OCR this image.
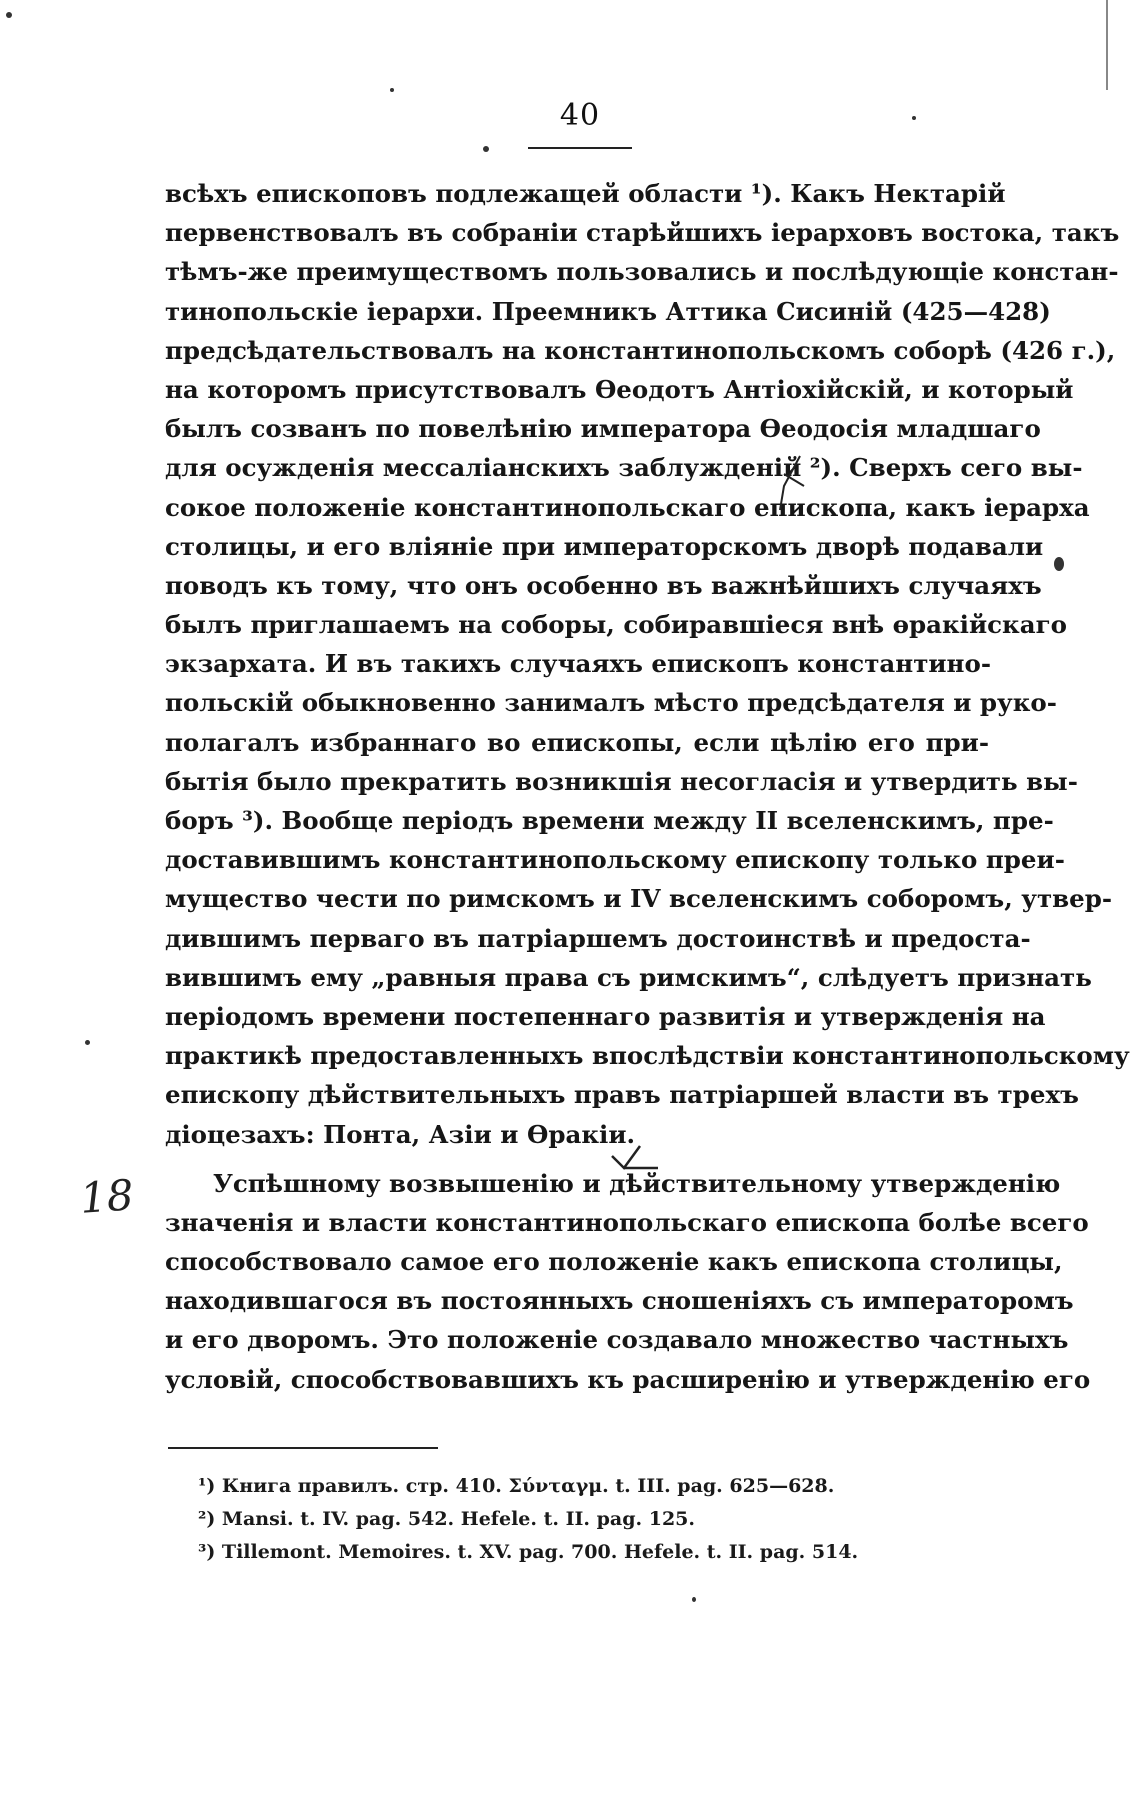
40
всѣхъ епископовъ подлежащей области ¹). Какъ Нектарій
первенствовалъ въ собраніи старѣйшихъ іерарховъ востока, такъ
тѣмъ-же преимуществомъ пользовались и послѣдующіе констан-
тинопольскіе іерархи. Преемникъ Аттика Сисиній (425—428)
предсѣдательствовалъ на константинопольскомъ соборѣ (426 г.),
на которомъ присутствовалъ Өеодотъ Антіохійскій, и который
былъ созванъ по повелѣнію императора Өеодосія младшаго
для осужденія мессаліанскихъ заблужденій ²). Сверхъ сего вы-
сокое положеніе константинопольскаго епископа, какъ іерарха
столицы, и его вліяніе при императорскомъ дворѣ подавали
поводъ къ тому, что онъ особенно въ важнѣйшихъ случаяхъ
былъ приглашаемъ на соборы, собиравшіеся внѣ өракійскаго
экзархата. И въ такихъ случаяхъ епископъ константино-
польскій обыкновенно занималъ мѣсто предсѣдателя и руко-
полагалъ избраннаго во епископы, если цѣлію его при-
бытія было прекратить возникшія несогласія и утвердить вы-
боръ ³). Вообще періодъ времени между II вселенскимъ, пре-
доставившимъ константинопольскому епископу только преи-
мущество чести по римскомъ и IV вселенскимъ соборомъ, утвер-
дившимъ перваго въ патріаршемъ достоинствѣ и предоста-
вившимъ ему „равныя права съ римскимъ“, слѣдуетъ признать
періодомъ времени постепеннаго развитія и утвержденія на
практикѣ предоставленныхъ впослѣдствіи константинопольскому
епископу дѣйствительныхъ правъ патріаршей власти въ трехъ
діоцезахъ: Понта, Азіи и Өракіи.
Успѣшному возвышенію и дѣйствительному утвержденію
значенія и власти константинопольскаго епископа болѣе всего
способствовало самое его положеніе какъ епископа столицы,
находившагося въ постоянныхъ сношеніяхъ съ императоромъ
и его дворомъ. Это положеніе создавало множество частныхъ
условій, способствовавшихъ къ расширенію и утвержденію его
18
¹) Книга правилъ. стр. 410. Σύνταγμ. t. III. pag. 625—628.
²) Mansi. t. IV. pag. 542. Hefele. t. II. pag. 125.
³) Tillemont. Memoires. t. XV. pag. 700. Hefele. t. II. pag. 514.
